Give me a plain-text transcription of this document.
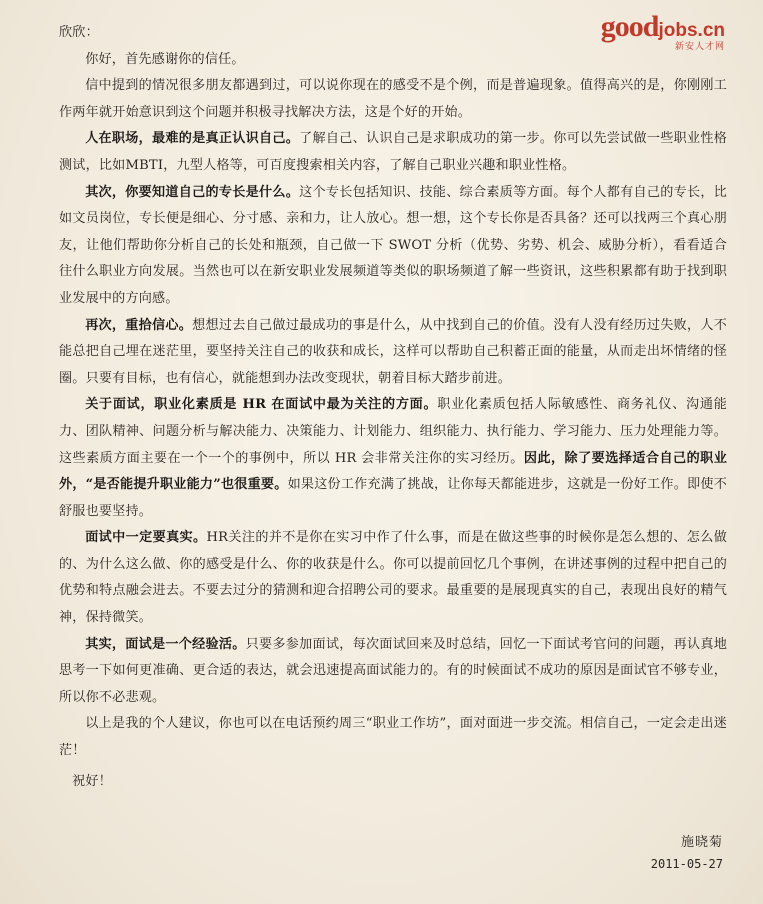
goodjobs.cn
新安人才网

欣欣：

你好，首先感谢你的信任。

信中提到的情况很多朋友都遇到过，可以说你现在的感受不是个例，而是普遍现象。值得高兴的是，你刚刚工作两年就开始意识到这个问题并积极寻找解决方法，这是个好的开始。

人在职场，最难的是真正认识自己。了解自己、认识自己是求职成功的第一步。你可以先尝试做一些职业性格测试，比如MBTI，九型人格等，可百度搜索相关内容，了解自己职业兴趣和职业性格。

其次，你要知道自己的专长是什么。这个专长包括知识、技能、综合素质等方面。每个人都有自己的专长，比如文员岗位，专长便是细心、分寸感、亲和力，让人放心。想一想，这个专长你是否具备？还可以找两三个真心朋友，让他们帮助你分析自己的长处和瓶颈，自己做一下 SWOT 分析（优势、劣势、机会、威胁分析），看看适合往什么职业方向发展。当然也可以在新安职业发展频道等类似的职场频道了解一些资讯，这些积累都有助于找到职业发展中的方向感。

再次，重拾信心。想想过去自己做过最成功的事是什么，从中找到自己的价值。没有人没有经历过失败，人不能总把自己埋在迷茫里，要坚持关注自己的收获和成长，这样可以帮助自己积蓄正面的能量，从而走出坏情绪的怪圈。只要有目标，也有信心，就能想到办法改变现状，朝着目标大踏步前进。

关于面试，职业化素质是 HR 在面试中最为关注的方面。职业化素质包括人际敏感性、商务礼仪、沟通能力、团队精神、问题分析与解决能力、决策能力、计划能力、组织能力、执行能力、学习能力、压力处理能力等。这些素质方面主要在一个一个的事例中，所以 HR 会非常关注你的实习经历。因此，除了要选择适合自己的职业外，“是否能提升职业能力”也很重要。如果这份工作充满了挑战，让你每天都能进步，这就是一份好工作。即使不舒服也要坚持。

面试中一定要真实。HR关注的并不是你在实习中作了什么事，而是在做这些事的时候你是怎么想的、怎么做的、为什么这么做、你的感受是什么、你的收获是什么。你可以提前回忆几个事例，在讲述事例的过程中把自己的优势和特点融会进去。不要去过分的猜测和迎合招聘公司的要求。最重要的是展现真实的自己，表现出良好的精气神，保持微笑。

其实，面试是一个经验活。只要多参加面试，每次面试回来及时总结，回忆一下面试考官问的问题，再认真地思考一下如何更准确、更合适的表达，就会迅速提高面试能力的。有的时候面试不成功的原因是面试官不够专业，所以你不必悲观。

以上是我的个人建议，你也可以在电话预约周三“职业工作坊”，面对面进一步交流。相信自己，一定会走出迷茫！

祝好！

施晓菊
2011-05-27
